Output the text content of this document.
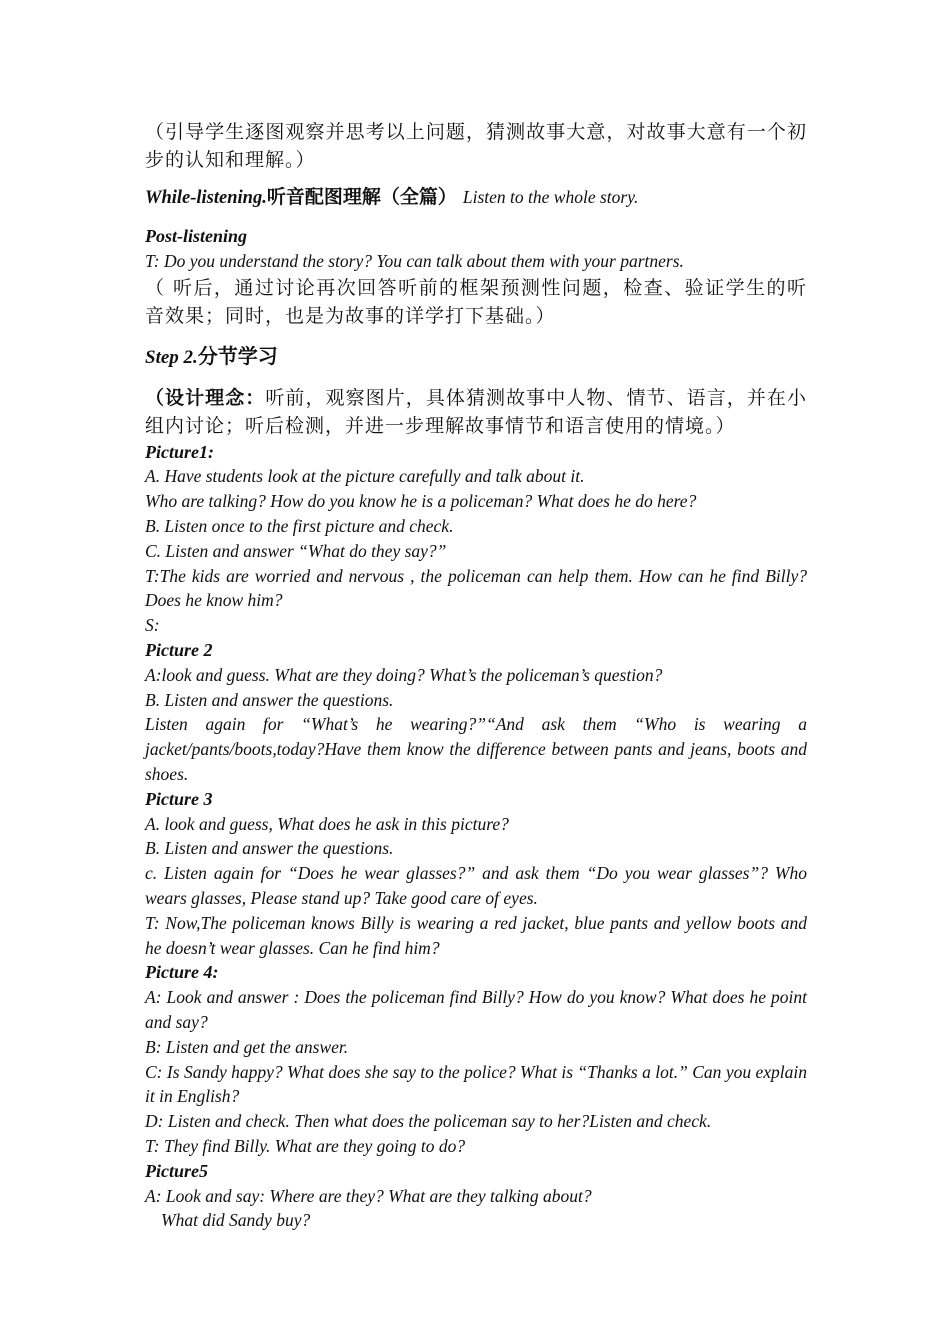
（引导学生逐图观察并思考以上问题，猜测故事大意，对故事大意有一个初步的认知和理解。）
While-listening.听音配图理解（全篇） Listen to the whole story.
Post-listening
T: Do you understand the story? You can talk about them with your partners.
（ 听后，通过讨论再次回答听前的框架预测性问题，检查、验证学生的听音效果；同时，也是为故事的详学打下基础。）
Step 2.分节学习
（设计理念：听前，观察图片，具体猜测故事中人物、情节、语言，并在小组内讨论；听后检测，并进一步理解故事情节和语言使用的情境。）
Picture1:
A. Have students look at the picture carefully and talk about it.
Who are talking? How do you know he is a policeman? What does he do here?
B. Listen once to the first picture and check.
C. Listen and answer “What do they say?”
T:The kids are worried and nervous , the policeman can help them. How can he find Billy? Does he know him?
S:
Picture 2
A:look and guess. What are they doing? What’s the policeman’s question?
B. Listen and answer the questions.
Listen again for “What’s he wearing?”“And ask them “Who is wearing a jacket/pants/boots,today?Have them know the difference between pants and jeans, boots and shoes.
Picture 3
A. look and guess, What does he ask in this picture?
B. Listen and answer the questions.
c. Listen again for “Does he wear glasses?” and ask them “Do you wear glasses”? Who wears glasses, Please stand up? Take good care of eyes.
T: Now,The policeman knows Billy is wearing a red jacket, blue pants and yellow boots and he doesn’t wear glasses. Can he find him?
Picture 4:
A: Look and answer : Does the policeman find Billy? How do you know? What does he point and say?
B: Listen and get the answer.
C: Is Sandy happy? What does she say to the police? What is “Thanks a lot.” Can you explain it in English?
D: Listen and check. Then what does the policeman say to her?Listen and check.
T: They find Billy. What are they going to do?
Picture5
A: Look and say: Where are they? What are they talking about?
What did Sandy buy?
